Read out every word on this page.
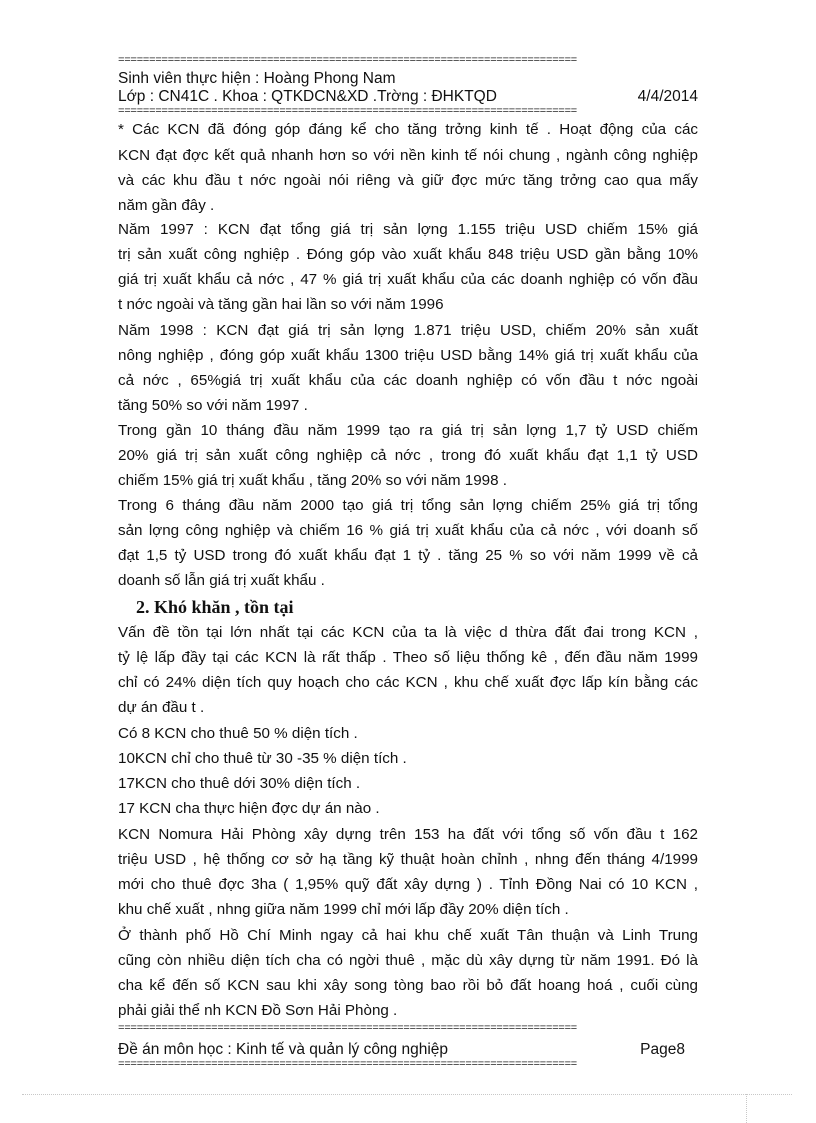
==========================================================================
Sinh viên thực hiện : Hoàng Phong Nam
Lớp : CN41C . Khoa : QTKDCN&XD .Trờng : ĐHKTQD	4/4/2014
==========================================================================
* Các KCN đã đóng góp đáng kể cho tăng trởng kinh tế . Hoạt động của các
KCN đạt đợc kết quả nhanh hơn so với nền kinh tế nói chung , ngành công nghiệp
và các khu đầu t nớc ngoài nói riêng và giữ đợc mức tăng trởng cao qua mấy
năm gần đây .
Năm 1997 : KCN đạt tổng giá trị sản lợng 1.155 triệu USD chiếm 15% giá
trị sản xuất công nghiệp . Đóng góp vào xuất khẩu 848 triệu USD gần bằng 10%
giá trị xuất khẩu cả nớc , 47 % giá trị xuất khẩu của các doanh nghiệp có vốn đầu
t nớc ngoài và tăng gần hai lần so với năm 1996
Năm 1998 : KCN đạt giá trị sản lợng 1.871 triệu USD, chiếm 20% sản xuất
nông nghiệp , đóng góp xuất khẩu 1300 triệu USD bằng 14% giá trị xuất khẩu của
cả nớc , 65%giá trị xuất khẩu của các doanh nghiệp có vốn đầu t nớc ngoài
tăng 50% so với năm 1997 .
Trong gần 10 tháng đầu năm 1999 tạo ra giá trị sản lợng 1,7 tỷ USD chiếm
20% giá trị sản xuất công nghiệp cả nớc , trong đó xuất khẩu đạt 1,1 tỷ USD
chiếm 15% giá trị xuất khẩu , tăng 20% so với năm 1998 .
Trong 6 tháng đầu năm 2000 tạo giá trị tổng sản lợng chiếm 25% giá trị tổng
sản lợng công nghiệp và chiếm 16 % giá trị xuất khẩu của cả nớc , với doanh số
đạt 1,5 tỷ USD trong đó xuất khẩu đạt 1 tỷ . tăng 25 % so với năm 1999 về cả
doanh số lẫn giá trị xuất khẩu .
2. Khó khăn , tồn tại
Vấn đề tồn tại lớn nhất tại các KCN của ta là việc d thừa đất đai trong KCN ,
tỷ lệ lấp đầy tại các KCN là rất thấp . Theo số liệu thống kê , đến đầu năm 1999
chỉ có 24% diện tích quy hoạch cho các KCN , khu chế xuất đợc lấp kín bằng các
dự án đầu t .
Có 8 KCN cho thuê 50 % diện tích .
10KCN chỉ cho thuê từ 30 -35 % diện tích .
17KCN cho thuê dới 30% diện tích .
17 KCN cha thực hiện đợc dự án nào .
KCN Nomura Hải Phòng xây dựng trên 153 ha đất với tổng số vốn đầu t 162
triệu USD , hệ thống cơ sở hạ tầng kỹ thuật hoàn chỉnh , nhng đến tháng 4/1999
mới cho thuê đợc 3ha ( 1,95% quỹ đất xây dựng ) . Tỉnh Đồng Nai có 10 KCN ,
khu chế xuất , nhng giữa năm 1999 chỉ mới lấp đầy 20% diện tích .
Ở thành phố Hồ Chí Minh ngay cả hai khu chế xuất Tân thuận và Linh Trung
cũng còn nhiều diện tích cha có ngời thuê , mặc dù xây dựng từ năm 1991. Đó là
cha kể đến số KCN sau khi xây song tòng bao rồi bỏ đất hoang hoá , cuối cùng
phải giải thể nh KCN Đồ Sơn Hải Phòng .
==========================================================================
Đề án môn học : Kinh tế và quản lý công nghiệp	Page8
==========================================================================
